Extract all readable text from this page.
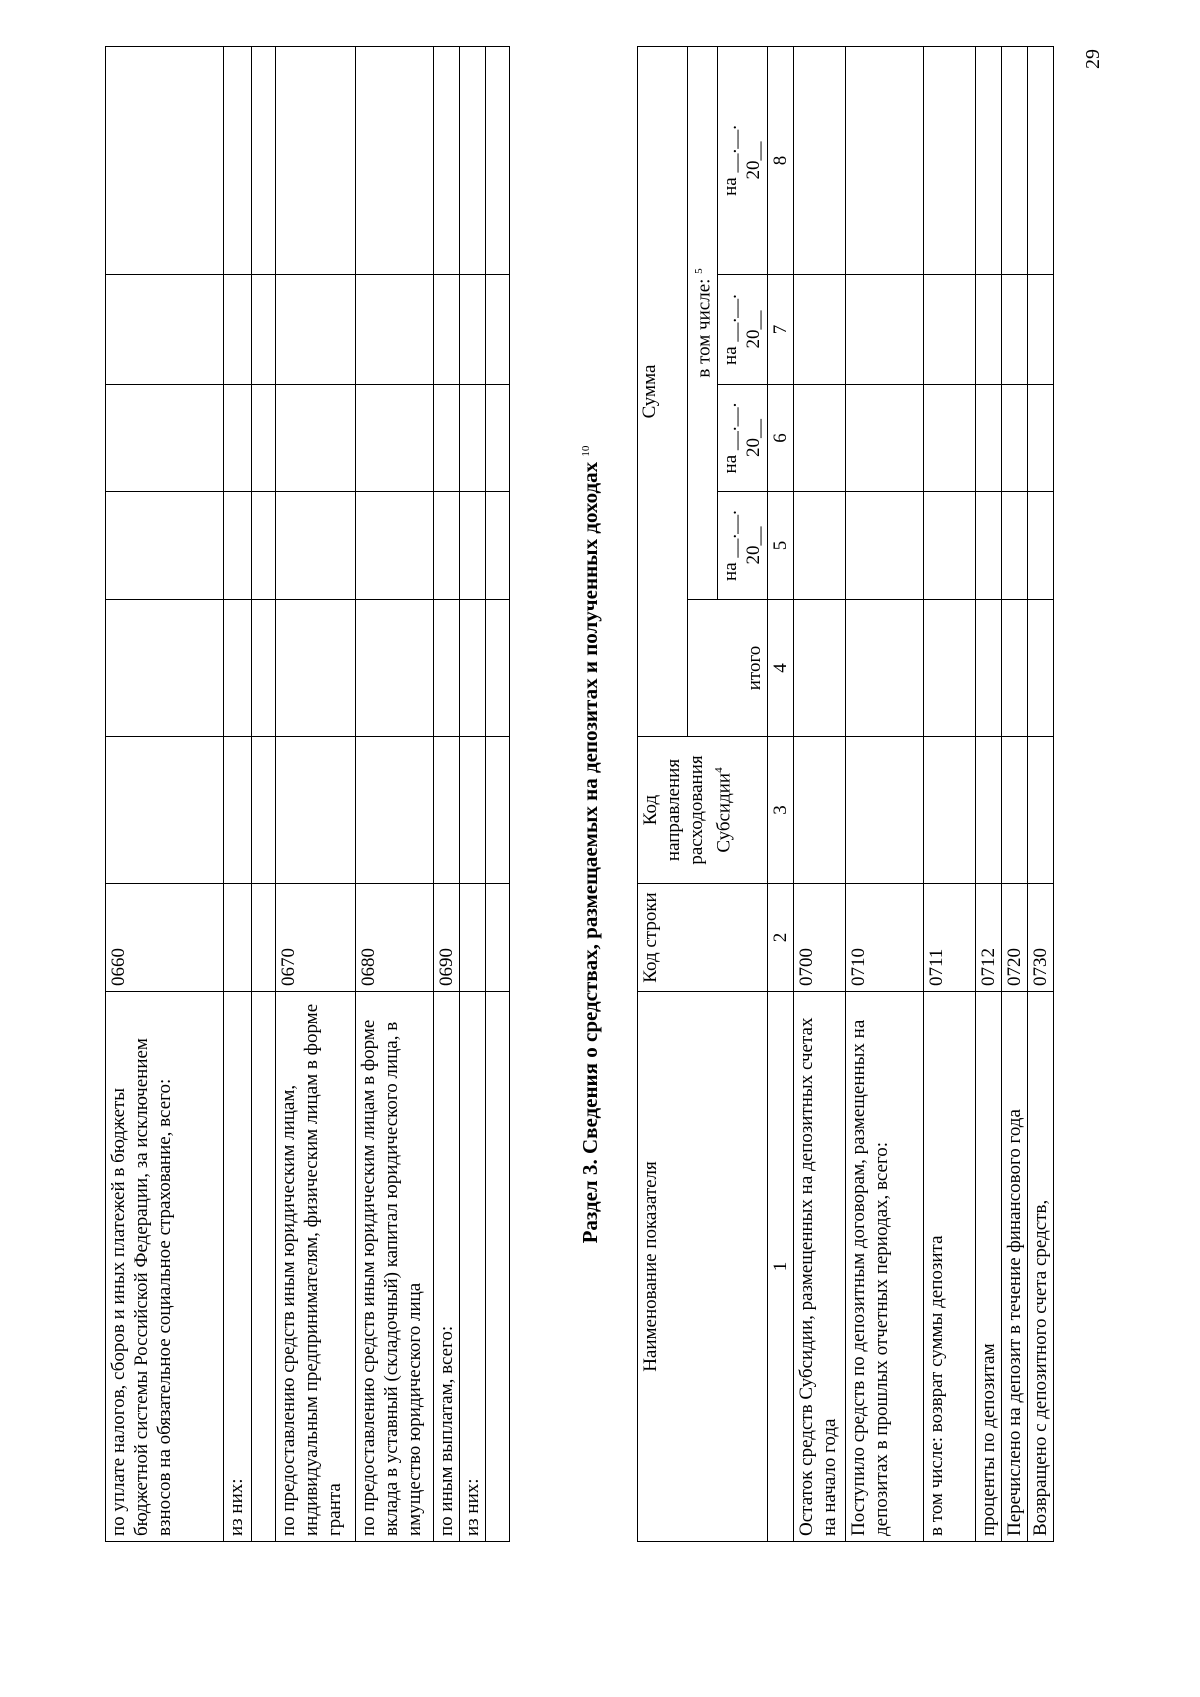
по уплате налогов, сборов и иных платежей в бюджеты бюджетной системы Российской Федерации, за исключением взносов на обязательное социальное страхование, всего:	0660						
из них:							

по предоставлению средств иным юридическим лицам, индивидуальным предпринимателям, физическим лицам в форме гранта	0670						
по предоставлению средств иным юридическим лицам в форме вклада в уставный (складочный) капитал юридического лица, в имущество юридического лица	0680						
по иным выплатам, всего:	0690						
из них:							

Раздел 3. Сведения о средствах, размещаемых на депозитах и полученных доходах $^{10}$
Наименование показателя	Код строки	Код направления расходования Субсидии$^4$	Сумма				
			итого	в том числе: $^5$
				на __.__. 20__	на __.__. 20__	на __.__. 20__	на __.__. 20__
1	2	3	4	5	6	7	8
Остаток средств Субсидии, размещенных на депозитных счетах на начало года	0700						
Поступило средств по депозитным договорам, размещенных на депозитах в прошлых отчетных периодах, всего:	0710						
в том числе: возврат суммы депозита	0711						
проценты по депозитам	0712						
Перечислено на депозит в течение финансового года	0720						
Возвращено с депозитного счета средств,	0730						
29
